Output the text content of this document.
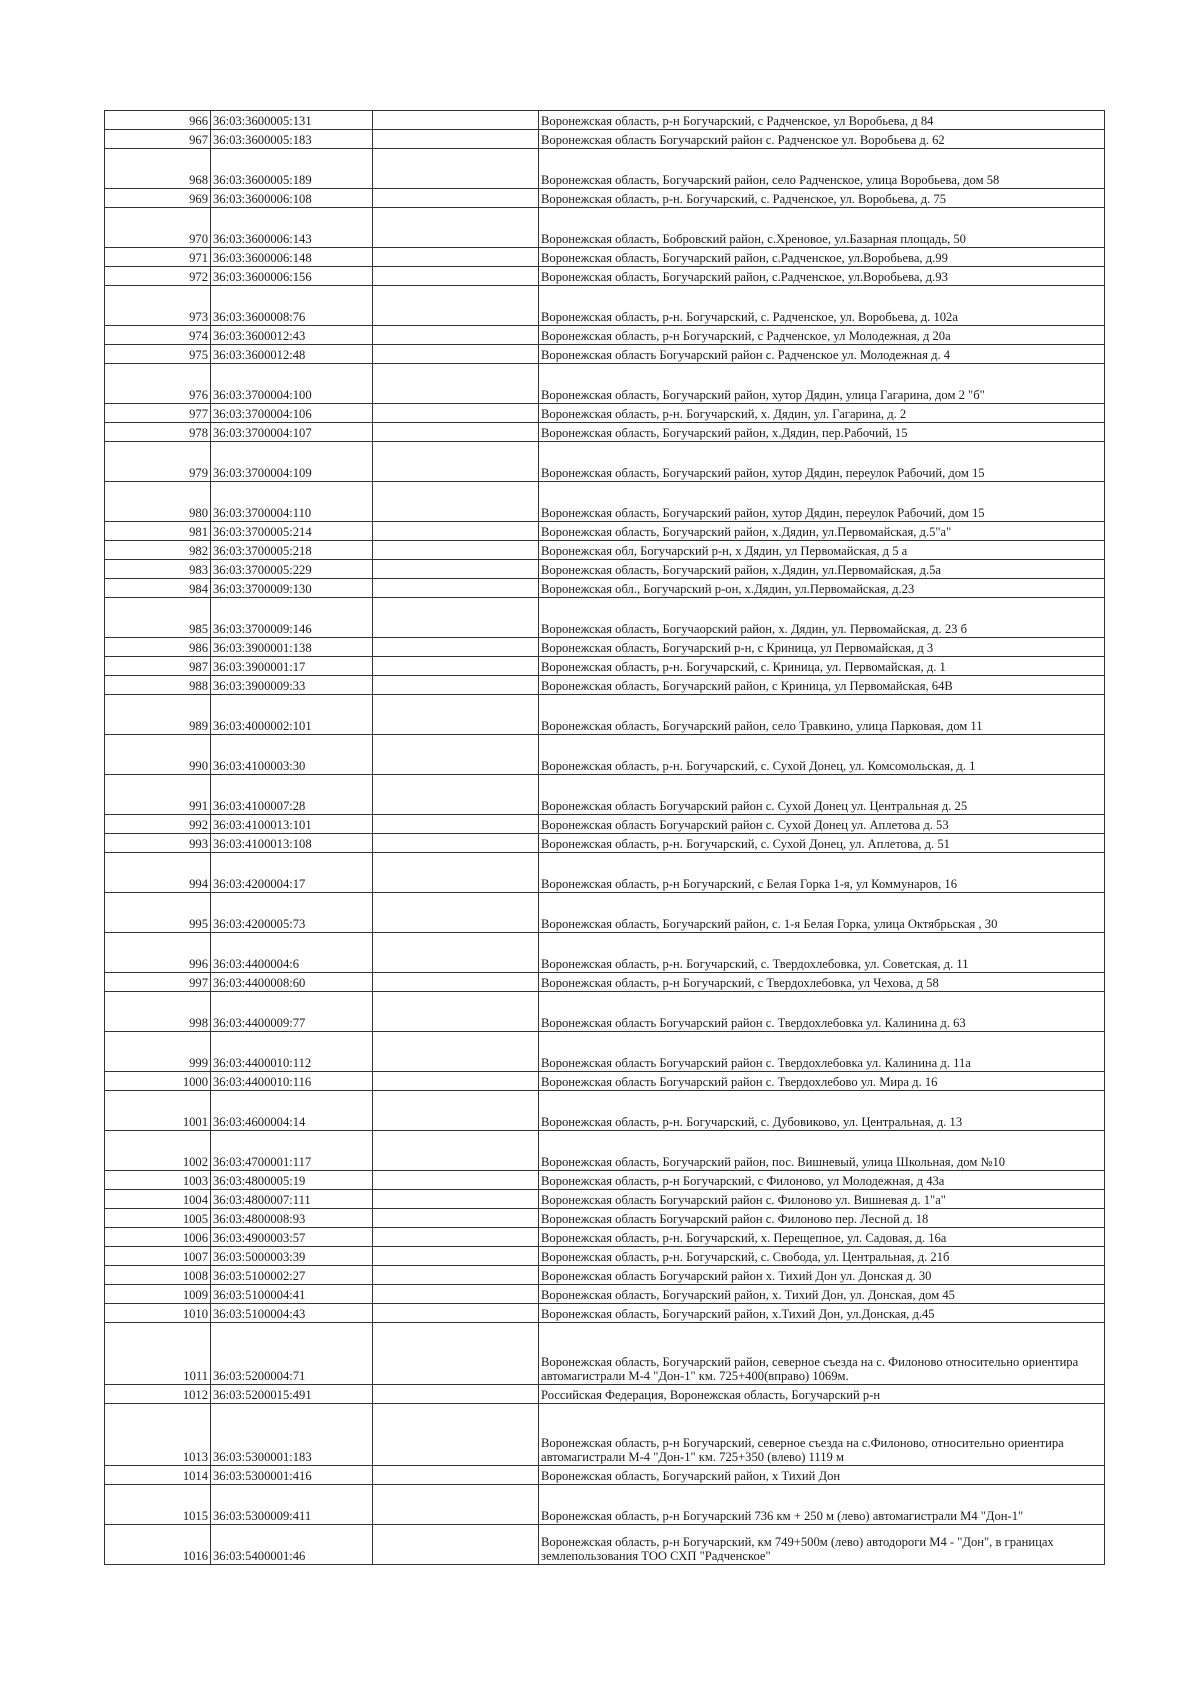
966	36:03:3600005:131		Воронежская область, р-н Богучарский, с Радченское, ул Воробьева, д 84
967	36:03:3600005:183		Воронежская область Богучарский район с. Радченское ул. Воробьева д. 62
968	36:03:3600005:189		Воронежская область, Богучарский район, село Радченское, улица Воробьева, дом 58
969	36:03:3600006:108		Воронежская область, р-н. Богучарский, с. Радченское, ул. Воробьева, д. 75
970	36:03:3600006:143		Воронежская область, Бобровский район, с.Хреновое, ул.Базарная площадь, 50
971	36:03:3600006:148		Воронежская область, Богучарский район, с.Радченское, ул.Воробьева, д.99
972	36:03:3600006:156		Воронежская область, Богучарский район, с.Радченское, ул.Воробьева, д.93
973	36:03:3600008:76		Воронежская область, р-н. Богучарский, с. Радченское, ул. Воробьева, д. 102а
974	36:03:3600012:43		Воронежская область, р-н Богучарский, с Радченское, ул Молодежная, д 20а
975	36:03:3600012:48		Воронежская область Богучарский район с. Радченское ул. Молодежная д. 4
976	36:03:3700004:100		Воронежская область, Богучарский район, хутор Дядин, улица Гагарина, дом 2 "б"
977	36:03:3700004:106		Воронежская область, р-н. Богучарский, х. Дядин, ул. Гагарина, д. 2
978	36:03:3700004:107		Воронежская область, Богучарский район, х.Дядин, пер.Рабочий, 15
979	36:03:3700004:109		Воронежская область, Богучарский район, хутор Дядин, переулок Рабочий, дом 15
980	36:03:3700004:110		Воронежская область, Богучарский район, хутор Дядин, переулок Рабочий, дом 15
981	36:03:3700005:214		Воронежская область, Богучарский район, х.Дядин, ул.Первомайская, д.5"а"
982	36:03:3700005:218		Воронежская обл, Богучарский р-н, х Дядин, ул Первомайская, д 5 а
983	36:03:3700005:229		Воронежская область, Богучарский район, х.Дядин, ул.Первомайская, д.5а
984	36:03:3700009:130		Воронежская обл., Богучарский р-он, х.Дядин, ул.Первомайская, д.23
985	36:03:3700009:146		Воронежская область, Богучаорский район, х. Дядин, ул. Первомайская, д. 23 б
986	36:03:3900001:138		Воронежская область, Богучарский р-н, с Криница, ул Первомайская, д 3
987	36:03:3900001:17		Воронежская область, р-н. Богучарский, с. Криница, ул. Первомайская, д. 1
988	36:03:3900009:33		Воронежская область, Богучарский район, с Криница, ул Первомайская, 64В
989	36:03:4000002:101		Воронежская область, Богучарский район, село Травкино, улица Парковая, дом 11
990	36:03:4100003:30		Воронежская область, р-н. Богучарский, с. Сухой Донец, ул. Комсомольская, д. 1
991	36:03:4100007:28		Воронежская область Богучарский район с. Сухой Донец ул. Центральная д. 25
992	36:03:4100013:101		Воронежская область Богучарский район с. Сухой Донец ул. Аплетова д. 53
993	36:03:4100013:108		Воронежская область, р-н. Богучарский, с. Сухой Донец, ул. Аплетова, д. 51
994	36:03:4200004:17		Воронежская область, р-н Богучарский, с Белая Горка 1-я, ул Коммунаров, 16
995	36:03:4200005:73		Воронежская область, Богучарский район, с. 1-я Белая Горка, улица Октябрьская , 30
996	36:03:4400004:6		Воронежская область, р-н. Богучарский, с. Твердохлебовка, ул. Советская, д. 11
997	36:03:4400008:60		Воронежская область, р-н Богучарский, с Твердохлебовка, ул Чехова, д 58
998	36:03:4400009:77		Воронежская область Богучарский район с. Твердохлебовка ул. Калинина д. 63
999	36:03:4400010:112		Воронежская область Богучарский район с. Твердохлебовка ул. Калинина д. 11а
1000	36:03:4400010:116		Воронежская область Богучарский район с. Твердохлебово ул. Мира д. 16
1001	36:03:4600004:14		Воронежская область, р-н. Богучарский, с. Дубовиково, ул. Центральная, д. 13
1002	36:03:4700001:117		Воронежская область, Богучарский район, пос. Вишневый, улица Школьная, дом №10
1003	36:03:4800005:19		Воронежская область, р-н Богучарский, с Филоново, ул Молодежная, д 43а
1004	36:03:4800007:111		Воронежская область Богучарский район с. Филоново ул. Вишневая д. 1"а"
1005	36:03:4800008:93		Воронежская область Богучарский район с. Филоново пер. Лесной д. 18
1006	36:03:4900003:57		Воронежская область, р-н. Богучарский, х. Перещепное, ул. Садовая, д. 16а
1007	36:03:5000003:39		Воронежская область, р-н. Богучарский, с. Свобода, ул. Центральная, д. 21б
1008	36:03:5100002:27		Воронежская область Богучарский район х. Тихий Дон ул. Донская д. 30
1009	36:03:5100004:41		Воронежская область, Богучарский район, х. Тихий Дон, ул. Донская, дом 45
1010	36:03:5100004:43		Воронежская область, Богучарский район, х.Тихий Дон, ул.Донская, д.45
1011	36:03:5200004:71		Воронежская область, Богучарский район, северное съезда на с. Филоново относительно ориентира автомагистрали М-4 "Дон-1" км. 725+400(вправо) 1069м.
1012	36:03:5200015:491		Российская Федерация, Воронежская область, Богучарский р-н
1013	36:03:5300001:183		Воронежская область, р-н Богучарский, северное съезда на с.Филоново, относительно ориентира автомагистрали М-4 "Дон-1" км. 725+350 (влево) 1119 м
1014	36:03:5300001:416		Воронежская область, Богучарский район, х Тихий Дон
1015	36:03:5300009:411		Воронежская область, р-н Богучарский 736 км + 250 м (лево) автомагистрали М4 "Дон-1"
1016	36:03:5400001:46		Воронежская область, р-н Богучарский, км 749+500м (лево) автодороги М4 - "Дон", в границах землепользования ТОО СХП "Радченское"
